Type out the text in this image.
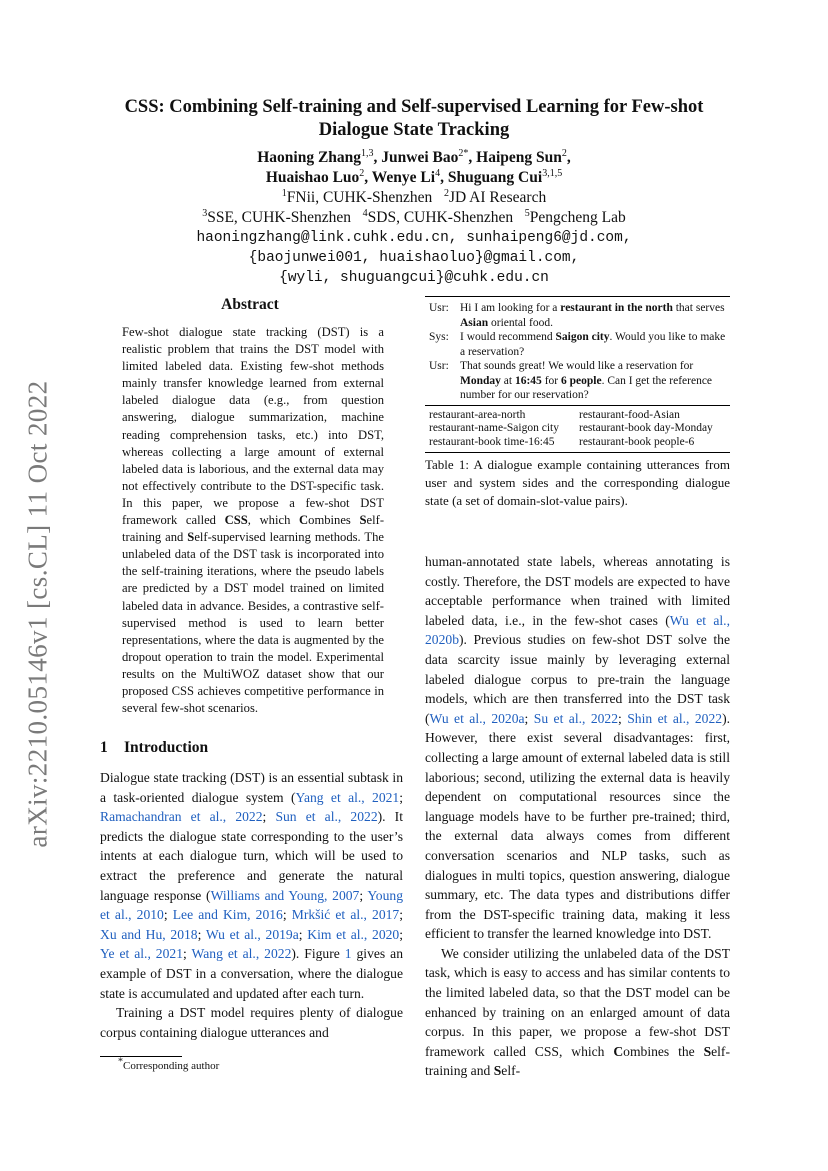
arXiv:2210.05146v1 [cs.CL] 11 Oct 2022
CSS: Combining Self-training and Self-supervised Learning for Few-shot
Dialogue State Tracking
Haoning Zhang$^{1,3}$, Junwei Bao$^{2*}$, Haipeng Sun$^2$,
Huaishao Luo$^2$, Wenye Li$^4$, Shuguang Cui$^{3,1,5}$
$^1$FNii, CUHK-Shenzhen $^2$JD AI Research
$^3$SSE, CUHK-Shenzhen $^4$SDS, CUHK-Shenzhen $^5$Pengcheng Lab
haoningzhang@link.cuhk.edu.cn, sunhaipeng6@jd.com,
{baojunwei001, huaishaoluo}@gmail.com,
{wyli, shuguangcui}@cuhk.edu.cn
Abstract
Few-shot dialogue state tracking (DST) is a realistic problem that trains the DST model with limited labeled data. Existing few-shot methods mainly transfer knowledge learned from external labeled dialogue data (e.g., from question answering, dialogue summarization, machine reading comprehension tasks, etc.) into DST, whereas collecting a large amount of external labeled data is laborious, and the external data may not effectively contribute to the DST-specific task. In this paper, we propose a few-shot DST framework called CSS, which Combines Self-training and Self-supervised learning methods. The unlabeled data of the DST task is incorporated into the self-training iterations, where the pseudo labels are predicted by a DST model trained on limited labeled data in advance. Besides, a contrastive self-supervised method is used to learn better representations, where the data is augmented by the dropout operation to train the model. Experimental results on the MultiWOZ dataset show that our proposed CSS achieves competitive performance in several few-shot scenarios.
1 Introduction

Dialogue state tracking (DST) is an essential subtask in a task-oriented dialogue system (Yang et al., 2021; Ramachandran et al., 2022; Sun et al., 2022). It predicts the dialogue state corresponding to the user’s intents at each dialogue turn, which will be used to extract the preference and generate the natural language response (Williams and Young, 2007; Young et al., 2010; Lee and Kim, 2016; Mrkšić et al., 2017; Xu and Hu, 2018; Wu et al., 2019a; Kim et al., 2020; Ye et al., 2021; Wang et al., 2022). Figure 1 gives an example of DST in a conversation, where the dialogue state is accumulated and updated after each turn.

Training a DST model requires plenty of dialogue corpus containing dialogue utterances and

*Corresponding author
Usr: Hi I am looking for a restaurant in the north that serves Asian oriental food.
Sys: I would recommend Saigon city. Would you like to make a reservation?
Usr: That sounds great! We would like a reservation for Monday at 16:45 for 6 people. Can I get the reference number for our reservation?
restaurant-area-north	restaurant-food-Asian
restaurant-name-Saigon city	restaurant-book day-Monday
restaurant-book time-16:45	restaurant-book people-6
Table 1: A dialogue example containing utterances from user and system sides and the corresponding dialogue state (a set of domain-slot-value pairs).

human-annotated state labels, whereas annotating is costly. Therefore, the DST models are expected to have acceptable performance when trained with limited labeled data, i.e., in the few-shot cases (Wu et al., 2020b). Previous studies on few-shot DST solve the data scarcity issue mainly by leveraging external labeled dialogue corpus to pre-train the language models, which are then transferred into the DST task (Wu et al., 2020a; Su et al., 2022; Shin et al., 2022). However, there exist several disadvantages: first, collecting a large amount of external labeled data is still laborious; second, utilizing the external data is heavily dependent on computational resources since the language models have to be further pre-trained; third, the external data always comes from different conversation scenarios and NLP tasks, such as dialogues in multi topics, question answering, dialogue summary, etc. The data types and distributions differ from the DST-specific training data, making it less efficient to transfer the learned knowledge into DST.

We consider utilizing the unlabeled data of the DST task, which is easy to access and has similar contents to the limited labeled data, so that the DST model can be enhanced by training on an enlarged amount of data corpus. In this paper, we propose a few-shot DST framework called CSS, which Combines the Self-training and Self-
